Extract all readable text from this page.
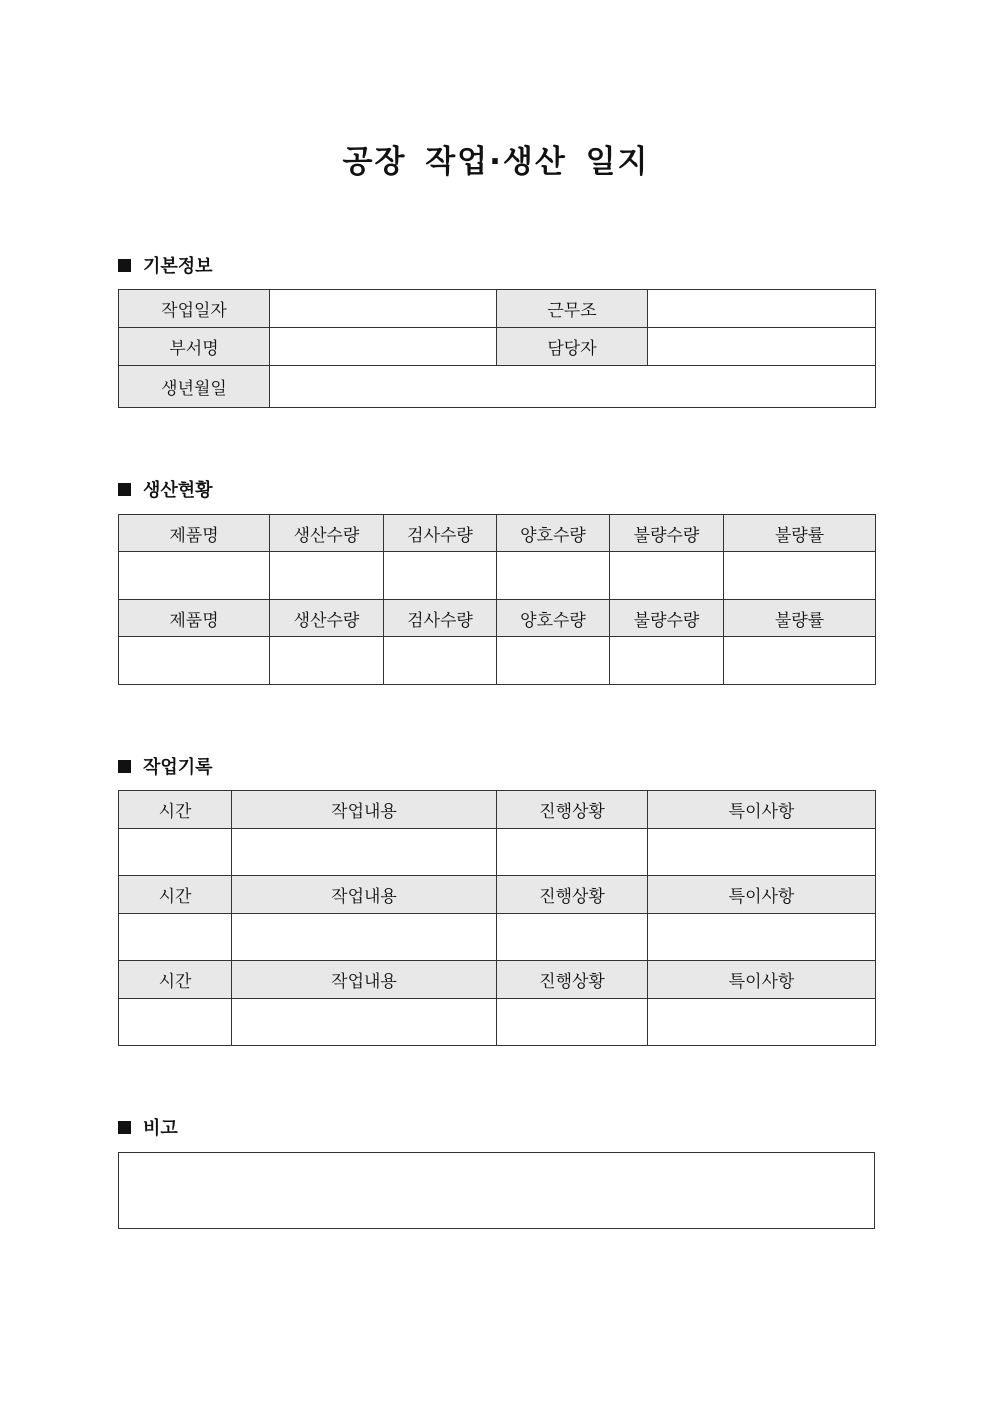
공장 작업·생산 일지
기본정보
작업일자		근무조	
부서명		담당자	
생년월일			
생산현황
제품명	생산수량	검사수량	양호수량	불량수량	불량률

제품명	생산수량	검사수량	양호수량	불량수량	불량률

작업기록
시간	작업내용	진행상황	특이사항

시간	작업내용	진행상황	특이사항

시간	작업내용	진행상황	특이사항

비고
